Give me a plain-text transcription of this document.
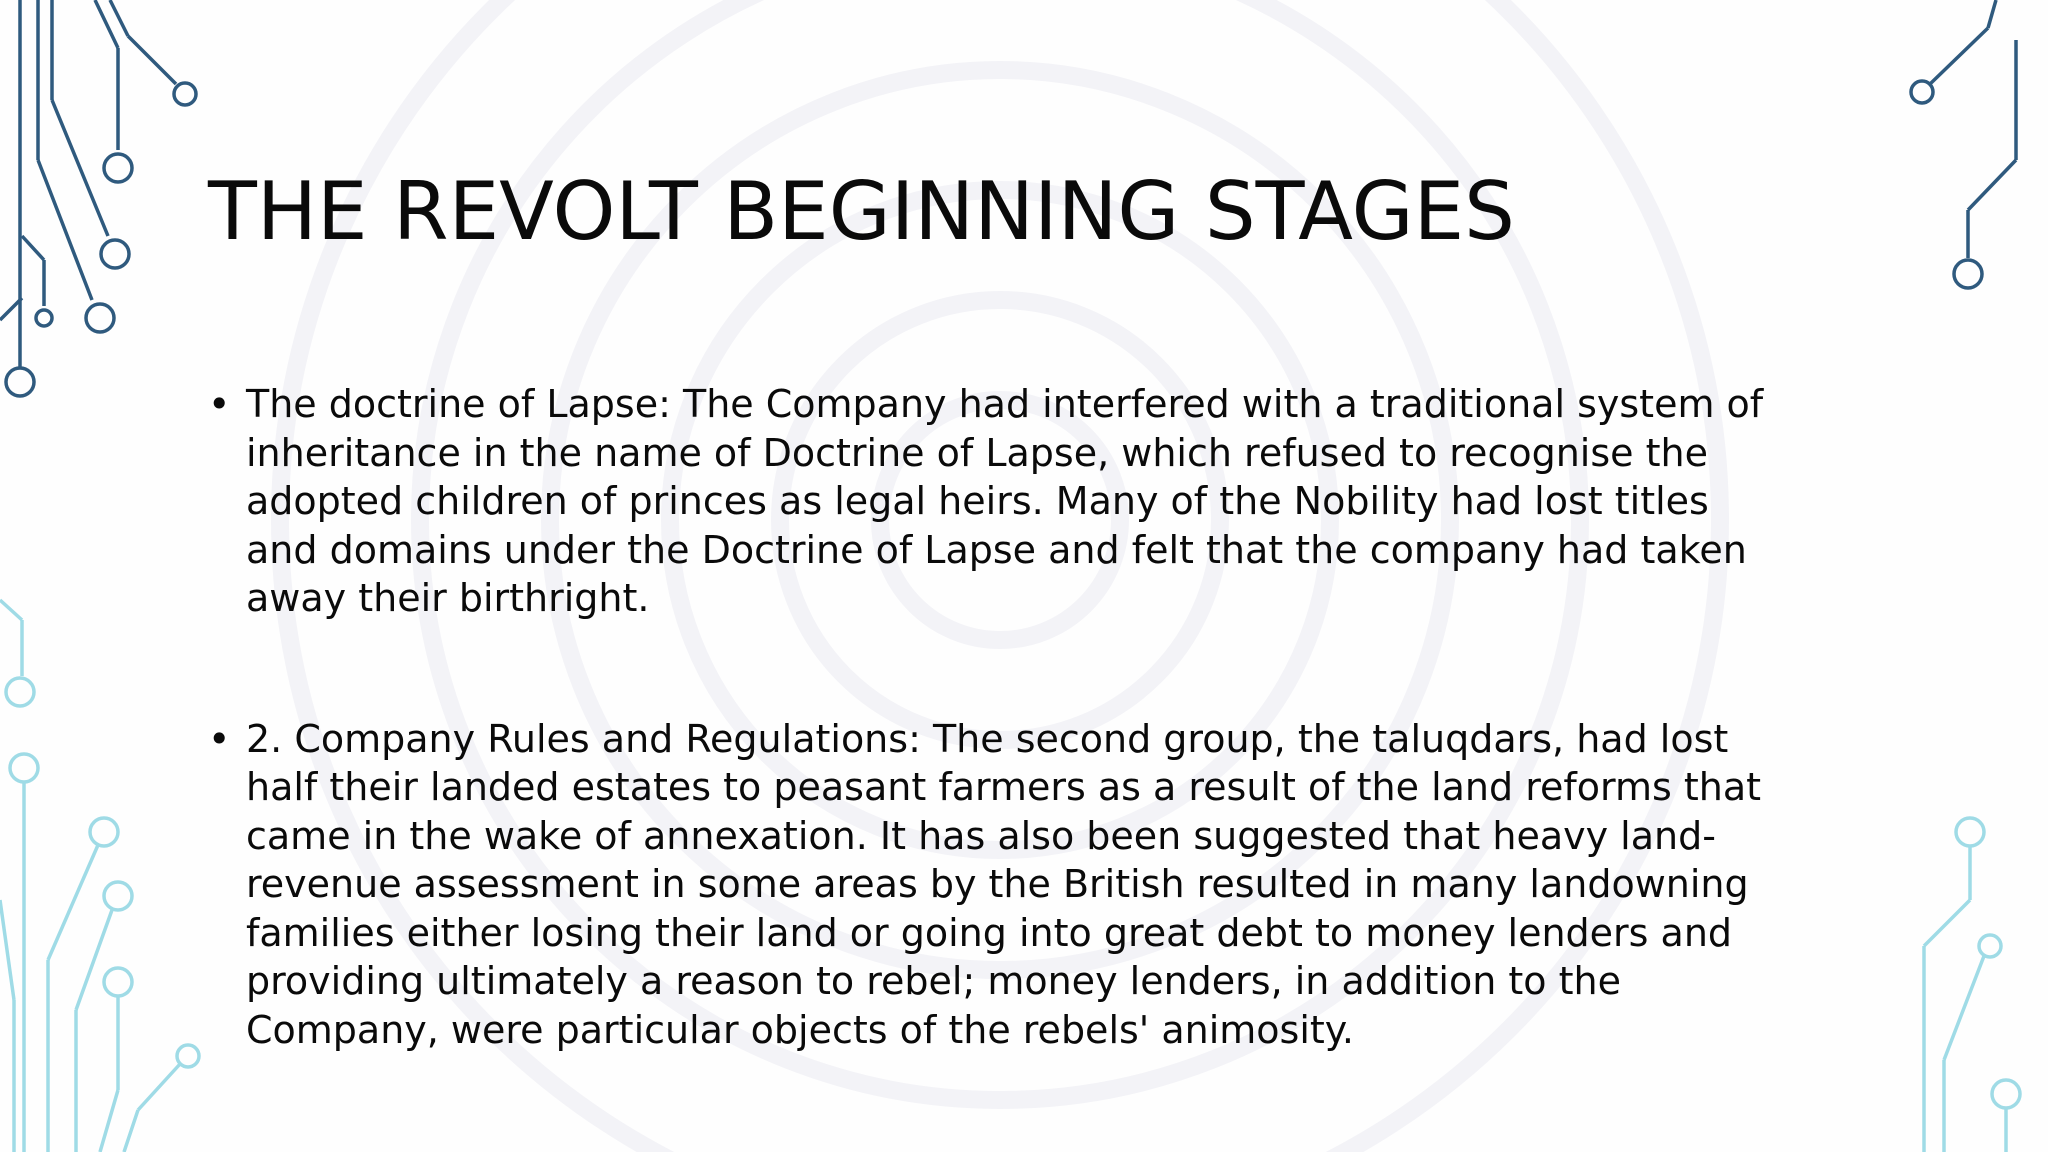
THE REVOLT BEGINNING STAGES
• The doctrine of Lapse: The Company had interfered with a traditional system of
inheritance in the name of Doctrine of Lapse, which refused to recognise the
adopted children of princes as legal heirs. Many of the Nobility had lost titles
and domains under the Doctrine of Lapse and felt that the company had taken
away their birthright.
• 2. Company Rules and Regulations: The second group, the taluqdars, had lost
half their landed estates to peasant farmers as a result of the land reforms that
came in the wake of annexation. It has also been suggested that heavy land-
revenue assessment in some areas by the British resulted in many landowning
families either losing their land or going into great debt to money lenders and
providing ultimately a reason to rebel; money lenders, in addition to the
Company, were particular objects of the rebels' animosity.
